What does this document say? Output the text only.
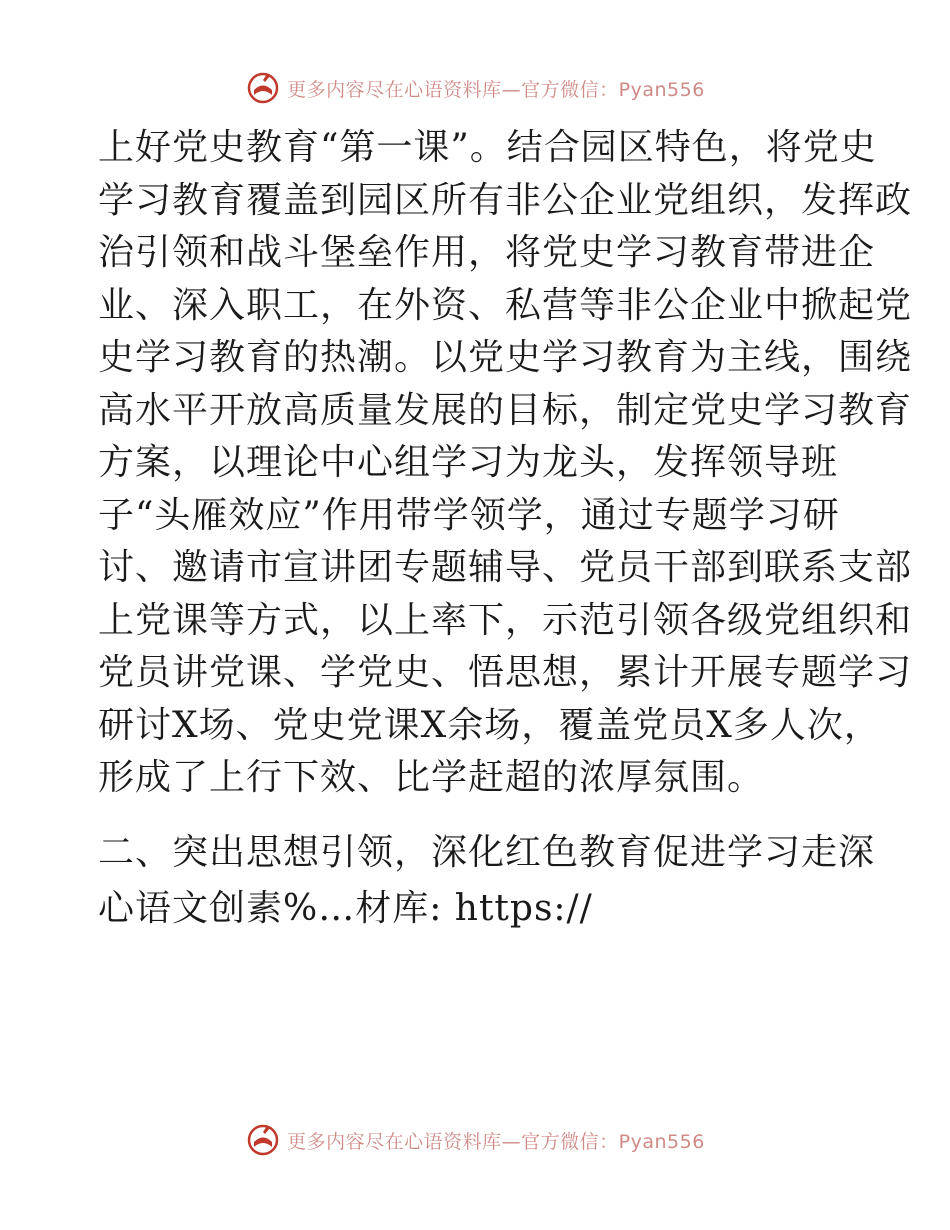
更多内容尽在心语资料库—官方微信：Pyan556
上好党史教育“第一课”。结合园区特色，将党史
学习教育覆盖到园区所有非公企业党组织，发挥政
治引领和战斗堡垒作用，将党史学习教育带进企
业、深入职工，在外资、私营等非公企业中掀起党
史学习教育的热潮。以党史学习教育为主线，围绕
高水平开放高质量发展的目标，制定党史学习教育
方案，以理论中心组学习为龙头，发挥领导班
子“头雁效应”作用带学领学，通过专题学习研
讨、邀请市宣讲团专题辅导、党员干部到联系支部
上党课等方式，以上率下，示范引领各级党组织和
党员讲党课、学党史、悟思想，累计开展专题学习
研讨X场、党史党课X余场，覆盖党员X多人次，
形成了上行下效、比学赶超的浓厚氛围。
二、突出思想引领，深化红色教育促进学习走深
心语文创素%…材库: https://
更多内容尽在心语资料库—官方微信：Pyan556
